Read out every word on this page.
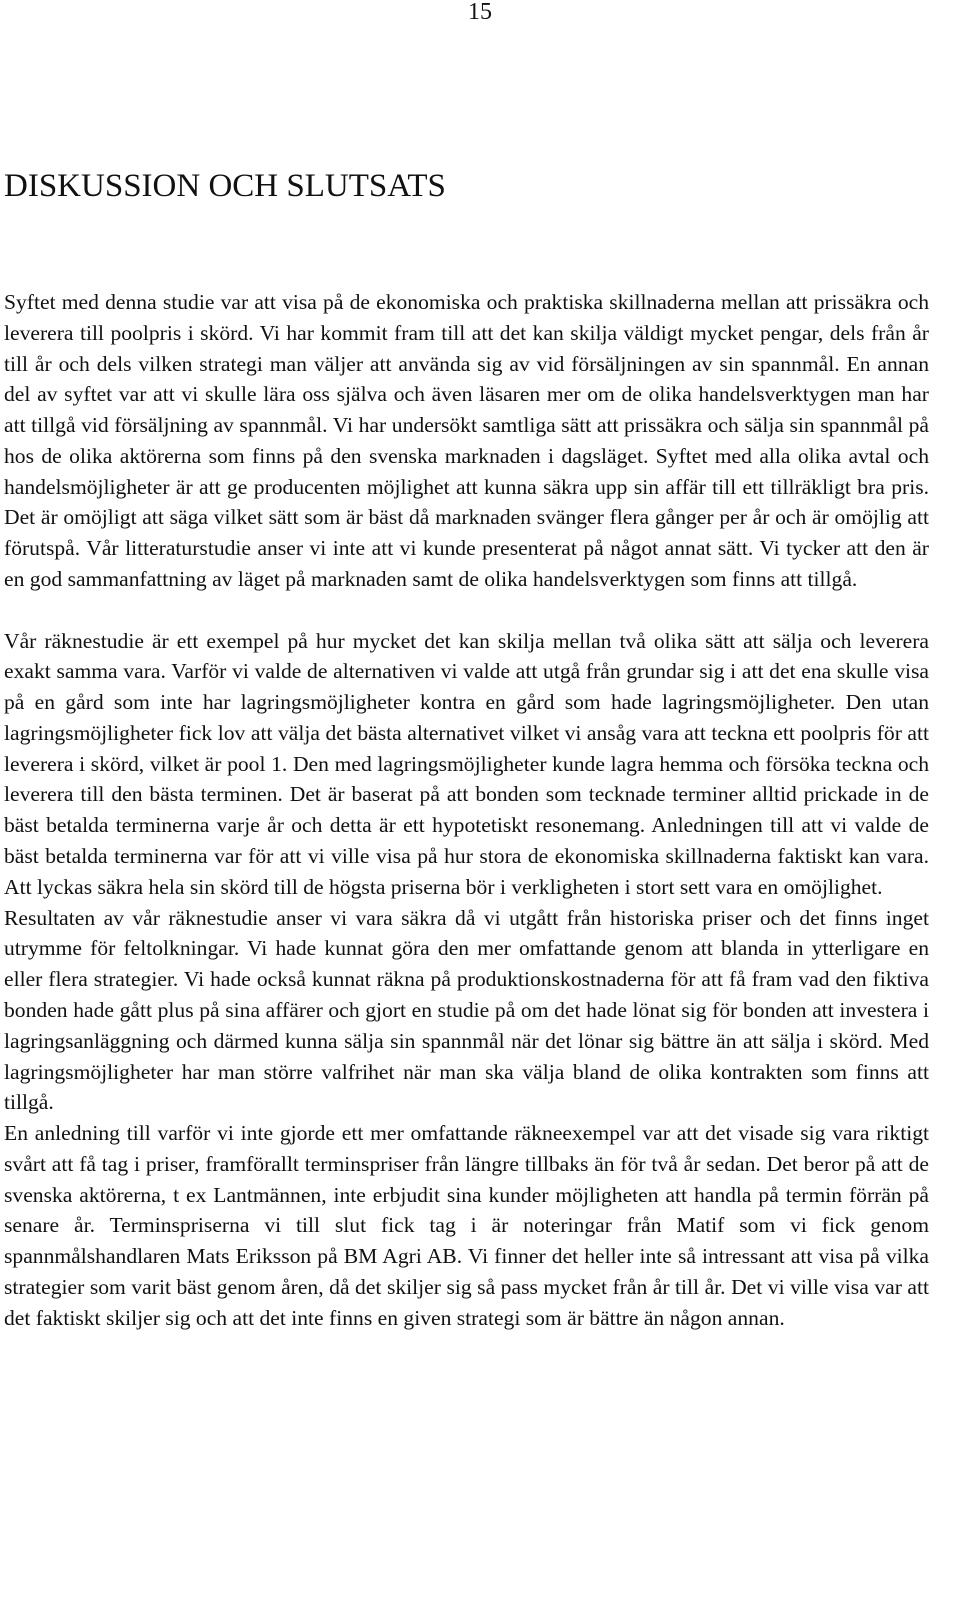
15
DISKUSSION OCH SLUTSATS

Syftet med denna studie var att visa på de ekonomiska och praktiska skillnaderna mellan att prissäkra och leverera till poolpris i skörd. Vi har kommit fram till att det kan skilja väldigt mycket pengar, dels från år till år och dels vilken strategi man väljer att använda sig av vid försäljningen av sin spannmål. En annan del av syftet var att vi skulle lära oss själva och även läsaren mer om de olika handelsverktygen man har att tillgå vid försäljning av spannmål. Vi har undersökt samtliga sätt att prissäkra och sälja sin spannmål på hos de olika aktörerna som finns på den svenska marknaden i dagsläget. Syftet med alla olika avtal och handelsmöjligheter är att ge producenten möjlighet att kunna säkra upp sin affär till ett tillräkligt bra pris. Det är omöjligt att säga vilket sätt som är bäst då marknaden svänger flera gånger per år och är omöjlig att förutspå. Vår litteraturstudie anser vi inte att vi kunde presenterat på något annat sätt. Vi tycker att den är en god sammanfattning av läget på marknaden samt de olika handelsverktygen som finns att tillgå.

Vår räknestudie är ett exempel på hur mycket det kan skilja mellan två olika sätt att sälja och leverera exakt samma vara. Varför vi valde de alternativen vi valde att utgå från grundar sig i att det ena skulle visa på en gård som inte har lagringsmöjligheter kontra en gård som hade lagringsmöjligheter. Den utan lagringsmöjligheter fick lov att välja det bästa alternativet vilket vi ansåg vara att teckna ett poolpris för att leverera i skörd, vilket är pool 1. Den med lagringsmöjligheter kunde lagra hemma och försöka teckna och leverera till den bästa terminen. Det är baserat på att bonden som tecknade terminer alltid prickade in de bäst betalda terminerna varje år och detta är ett hypotetiskt resonemang. Anledningen till att vi valde de bäst betalda terminerna var för att vi ville visa på hur stora de ekonomiska skillnaderna faktiskt kan vara. Att lyckas säkra hela sin skörd till de högsta priserna bör i verkligheten i stort sett vara en omöjlighet.

Resultaten av vår räknestudie anser vi vara säkra då vi utgått från historiska priser och det finns inget utrymme för feltolkningar. Vi hade kunnat göra den mer omfattande genom att blanda in ytterligare en eller flera strategier. Vi hade också kunnat räkna på produktionskostnaderna för att få fram vad den fiktiva bonden hade gått plus på sina affärer och gjort en studie på om det hade lönat sig för bonden att investera i lagringsanläggning och därmed kunna sälja sin spannmål när det lönar sig bättre än att sälja i skörd. Med lagringsmöjligheter har man större valfrihet när man ska välja bland de olika kontrakten som finns att tillgå.

En anledning till varför vi inte gjorde ett mer omfattande räkneexempel var att det visade sig vara riktigt svårt att få tag i priser, framförallt terminspriser från längre tillbaks än för två år sedan. Det beror på att de svenska aktörerna, t ex Lantmännen, inte erbjudit sina kunder möjligheten att handla på termin förrän på senare år. Terminspriserna vi till slut fick tag i är noteringar från Matif som vi fick genom spannmålshandlaren Mats Eriksson på BM Agri AB. Vi finner det heller inte så intressant att visa på vilka strategier som varit bäst genom åren, då det skiljer sig så pass mycket från år till år. Det vi ville visa var att det faktiskt skiljer sig och att det inte finns en given strategi som är bättre än någon annan.
